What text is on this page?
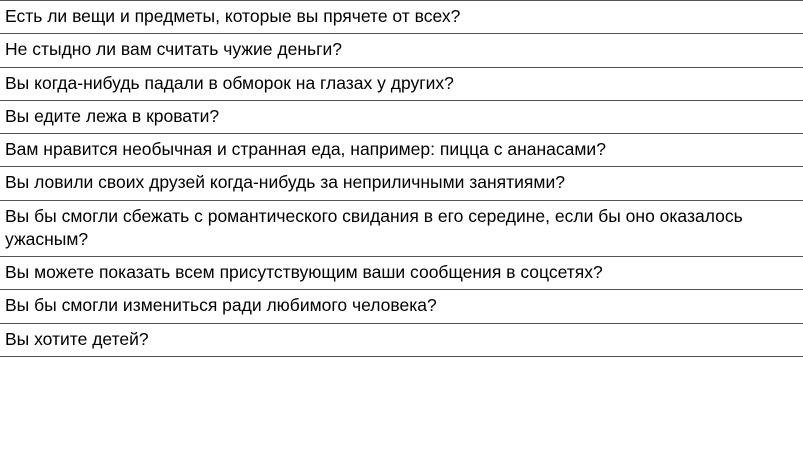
Есть ли вещи и предметы, которые вы прячете от всех?
Не стыдно ли вам считать чужие деньги?
Вы когда-нибудь падали в обморок на глазах у других?
Вы едите лежа в кровати?
Вам нравится необычная и странная еда, например: пицца с ананасами?
Вы ловили своих друзей когда-нибудь за неприличными занятиями?
Вы бы смогли сбежать с романтического свидания в его середине, если бы оно оказалось ужасным?
Вы можете показать всем присутствующим ваши сообщения в соцсетях?
Вы бы смогли измениться ради любимого человека?
Вы хотите детей?
